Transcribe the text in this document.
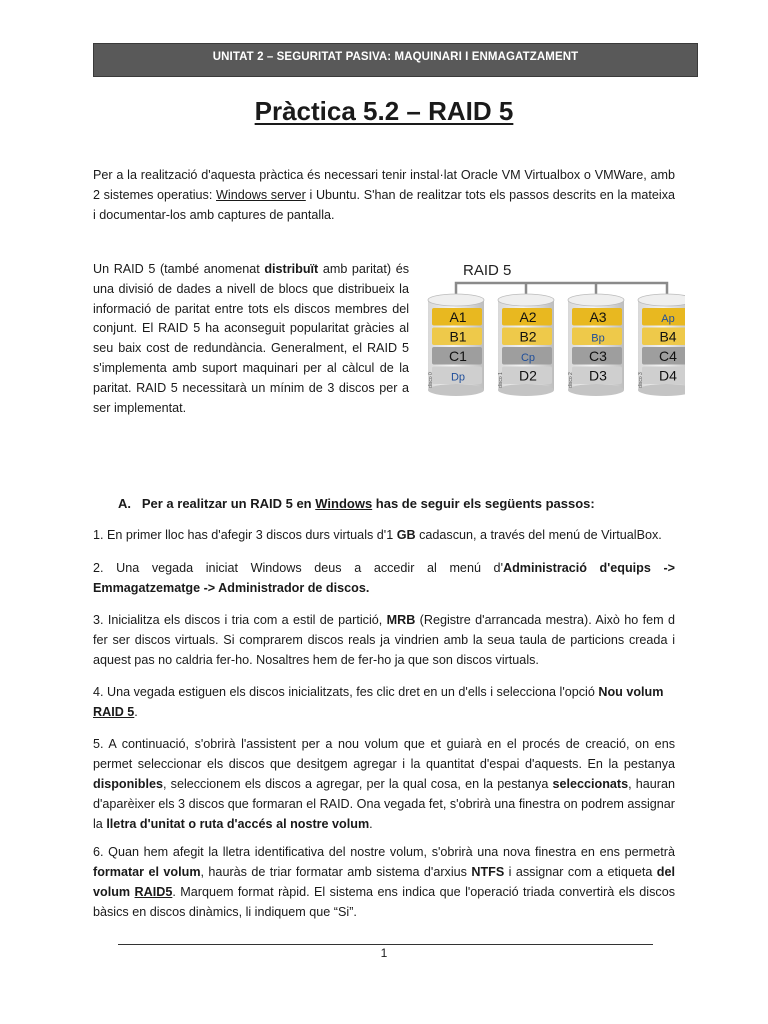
UNITAT 2 – SEGURITAT PASIVA: MAQUINARI I ENMAGATZAMENT
Pràctica 5.2 – RAID 5

Per a la realització d'aquesta pràctica és necessari tenir instal·lat Oracle VM Virtualbox o VMWare, amb 2 sistemes operatius: Windows server i Ubuntu. S'han de realitzar tots els passos descrits en la mateixa i documentar-los amb captures de pantalla.

Un RAID 5 (també anomenat distribuït amb paritat) és una divisió de dades a nivell de blocs que distribueix la informació de paritat entre tots els discos membres del conjunt. El RAID 5 ha aconseguit popularitat gràcies al seu baix cost de redundància. Generalment, el RAID 5 s'implementa amb suport maquinari per al càlcul de la paritat. RAID 5 necessitarà un mínim de 3 discos per a ser implementat.

RAID 5
A1
B1
C1
Dp
disco 0
A2
B2
Cp
D2
disco 1
A3
Bp
C3
D3
disco 2
Ap
B4
C4
D4
disco 3

A. Per a realitzar un RAID 5 en Windows has de seguir els següents passos:

1. En primer lloc has d'afegir 3 discos durs virtuals d'1 GB cadascun, a través del menú de VirtualBox.

2. Una vegada iniciat Windows deus a accedir al menú d'Administració d'equips -> Emmagatzematge -> Administrador de discos.

3. Inicialitza els discos i tria com a estil de partició, MRB (Registre d'arrancada mestra). Això ho fem d fer ser discos virtuals. Si comprarem discos reals ja vindrien amb la seua taula de particions creada i aquest pas no caldria fer-ho. Nosaltres hem de fer-ho ja que son discos virtuals.

4. Una vegada estiguen els discos inicialitzats, fes clic dret en un d'ells i selecciona l'opció Nou volum
RAID 5.

5. A continuació, s'obrirà l'assistent per a nou volum que et guiarà en el procés de creació, on ens permet seleccionar els discos que desitgem agregar i la quantitat d'espai d'aquests. En la pestanya disponibles, seleccionem els discos a agregar, per la qual cosa, en la pestanya seleccionats, hauran d'aparèixer els 3 discos que formaran el RAID. Ona vegada fet, s'obrirà una finestra on podrem assignar la lletra d'unitat o ruta d'accés al nostre volum.

6. Quan hem afegit la lletra identificativa del nostre volum, s'obrirà una nova finestra en ens permetrà formatar el volum, hauràs de triar formatar amb sistema d'arxius NTFS i assignar com a etiqueta del volum RAID5. Marquem format ràpid. El sistema ens indica que l'operació triada convertirà els discos bàsics en discos dinàmics, li indiquem que “Si”.

1
